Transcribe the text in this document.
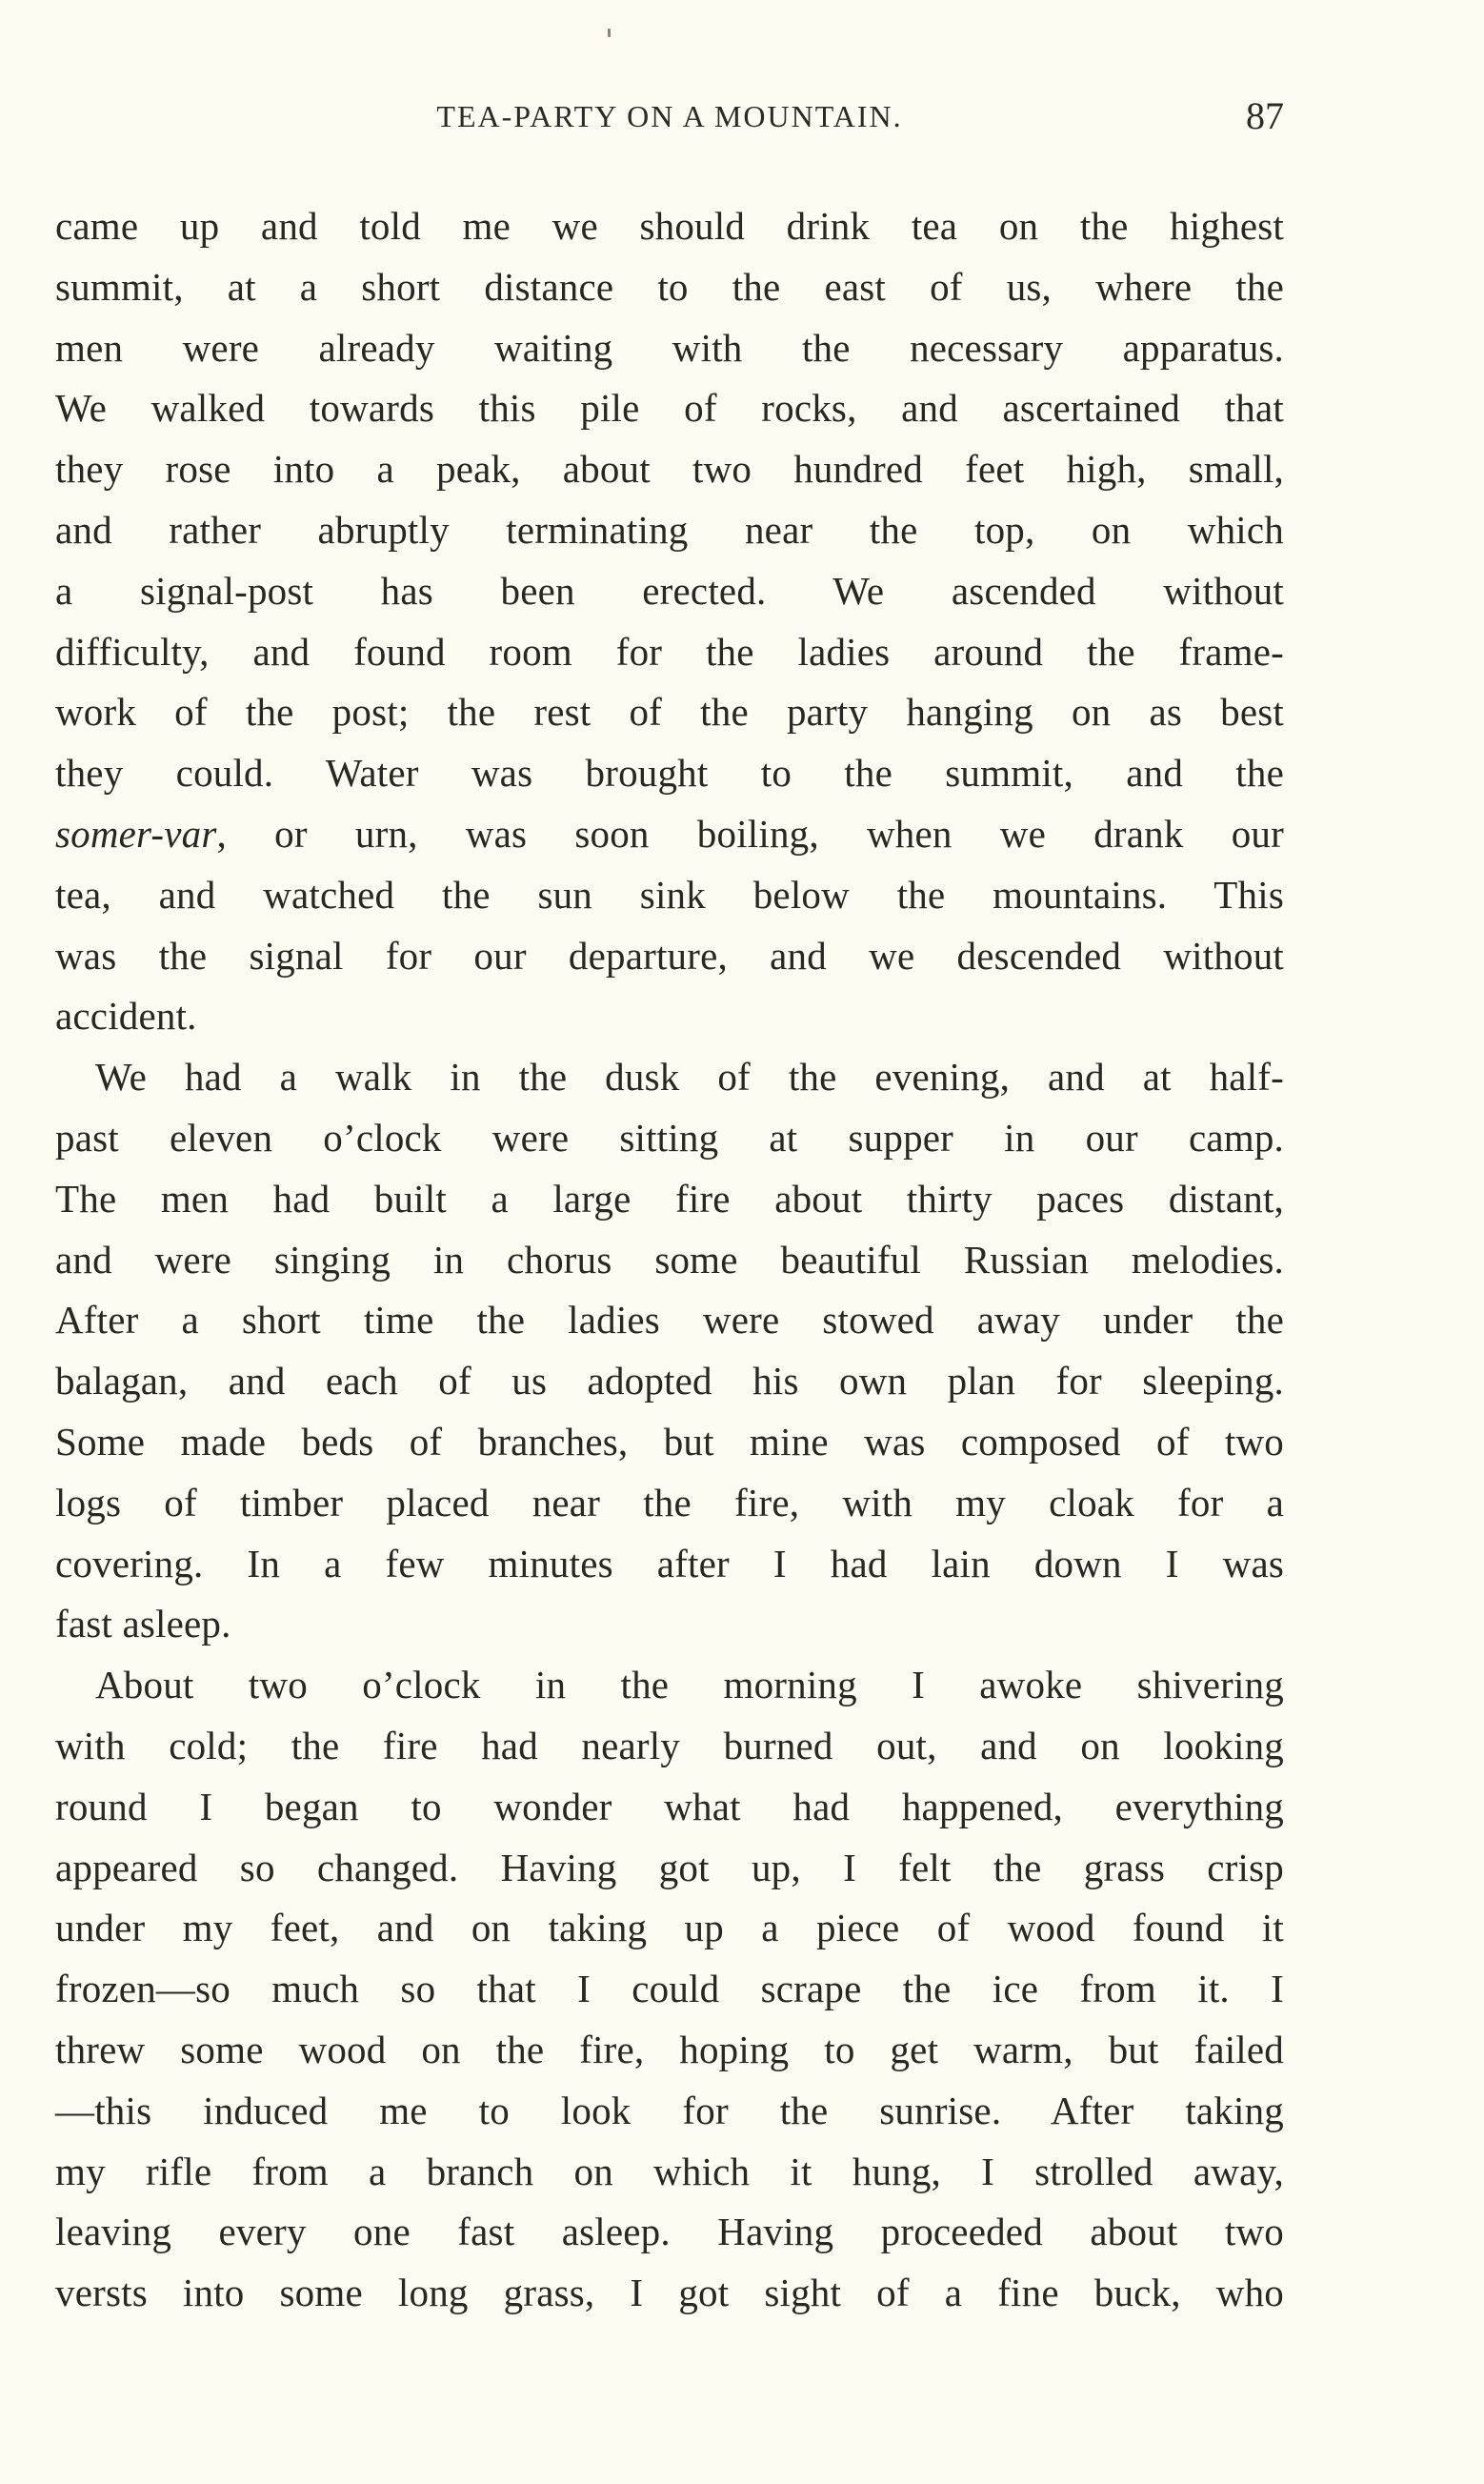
TEA-PARTY ON A MOUNTAIN.	87
came up and told me we should drink tea on the highest
summit, at a short distance to the east of us, where the
men were already waiting with the necessary apparatus.
We walked towards this pile of rocks, and ascertained that
they rose into a peak, about two hundred feet high, small,
and rather abruptly terminating near the top, on which
a signal-post has been erected. We ascended without
difficulty, and found room for the ladies around the frame-
work of the post; the rest of the party hanging on as best
they could. Water was brought to the summit, and the
somer-var, or urn, was soon boiling, when we drank our
tea, and watched the sun sink below the mountains. This
was the signal for our departure, and we descended without
accident.
We had a walk in the dusk of the evening, and at half-
past eleven o’clock were sitting at supper in our camp.
The men had built a large fire about thirty paces distant,
and were singing in chorus some beautiful Russian melodies.
After a short time the ladies were stowed away under the
balagan, and each of us adopted his own plan for sleeping.
Some made beds of branches, but mine was composed of two
logs of timber placed near the fire, with my cloak for a
covering. In a few minutes after I had lain down I was
fast asleep.
About two o’clock in the morning I awoke shivering
with cold; the fire had nearly burned out, and on looking
round I began to wonder what had happened, everything
appeared so changed. Having got up, I felt the grass crisp
under my feet, and on taking up a piece of wood found it
frozen—so much so that I could scrape the ice from it. I
threw some wood on the fire, hoping to get warm, but failed
—this induced me to look for the sunrise. After taking
my rifle from a branch on which it hung, I strolled away,
leaving every one fast asleep. Having proceeded about two
versts into some long grass, I got sight of a fine buck, who
